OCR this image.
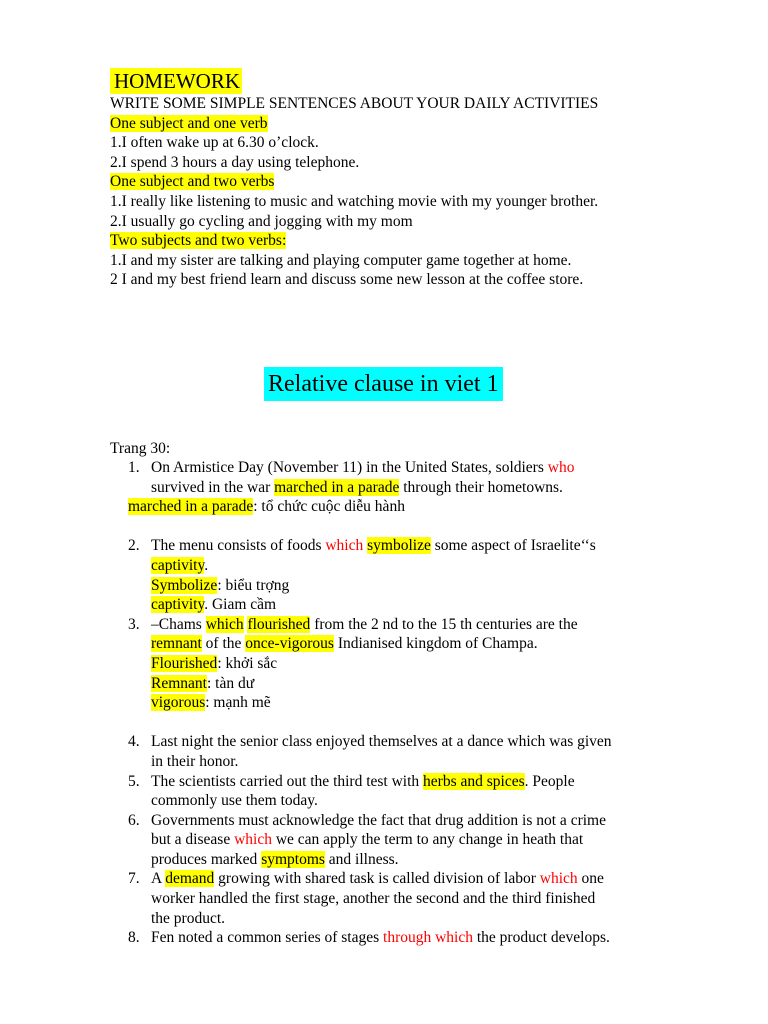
HOMEWORK
WRITE SOME SIMPLE SENTENCES ABOUT YOUR DAILY ACTIVITIES
One subject and one verb
1.I often wake up at 6.30 o’clock.
2.I spend 3 hours a day using telephone.
One subject and two verbs
1.I really like listening to music and watching movie with my younger brother.
2.I usually go cycling and jogging with my mom
Two subjects and two verbs:
1.I and my sister are talking and playing computer game together at home.
2 I and my best friend learn and discuss some new lesson at the coffee store.
Relative clause in viet 1
Trang 30:
1. On Armistice Day (November 11) in the United States, soldiers who
survived in the war marched in a parade through their hometowns.
marched in a parade: tổ chức cuộc diễu hành
2. The menu consists of foods which symbolize some aspect of Israelite‘‘s
captivity.
Symbolize: biểu trợng
captivity. Giam cầm
3. –Chams which flourished from the 2 nd to the 15 th centuries are the
remnant of the once-vigorous Indianised kingdom of Champa.
Flourished: khởi sắc
Remnant: tàn dư
vigorous: mạnh mẽ
4. Last night the senior class enjoyed themselves at a dance which was given
in their honor.
5. The scientists carried out the third test with herbs and spices. People
commonly use them today.
6. Governments must acknowledge the fact that drug addition is not a crime
but a disease which we can apply the term to any change in heath that
produces marked symptoms and illness.
7. A demand growing with shared task is called division of labor which one
worker handled the first stage, another the second and the third finished
the product.
8. Fen noted a common series of stages through which the product develops.
